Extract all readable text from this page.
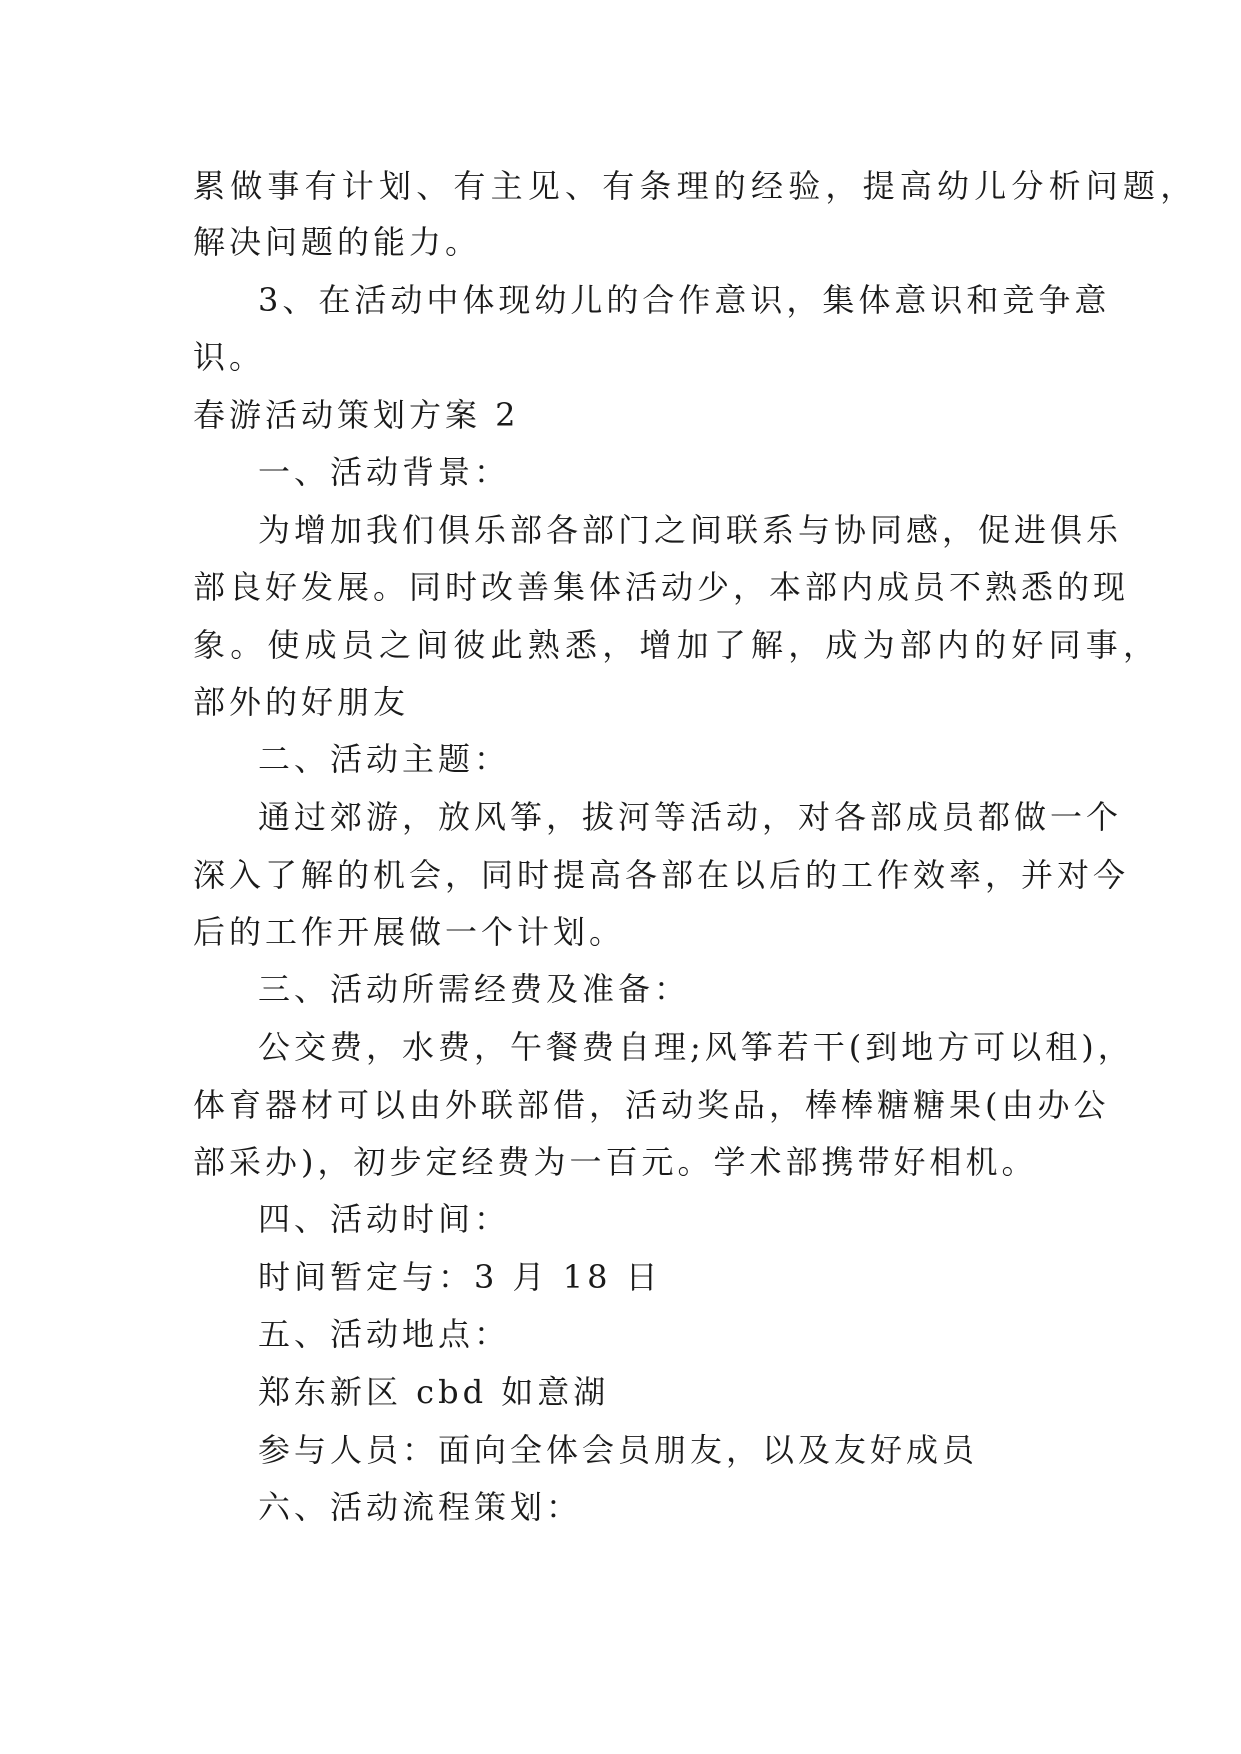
累做事有计划、有主见、有条理的经验，提高幼儿分析问题，
解决问题的能力。
3、在活动中体现幼儿的合作意识，集体意识和竞争意
识。
春游活动策划方案 2
一、活动背景：
为增加我们俱乐部各部门之间联系与协同感，促进俱乐
部良好发展。同时改善集体活动少，本部内成员不熟悉的现
象。使成员之间彼此熟悉，增加了解，成为部内的好同事，
部外的好朋友
二、活动主题：
通过郊游，放风筝，拔河等活动，对各部成员都做一个
深入了解的机会，同时提高各部在以后的工作效率，并对今
后的工作开展做一个计划。
三、活动所需经费及准备：
公交费，水费，午餐费自理;风筝若干(到地方可以租)，
体育器材可以由外联部借，活动奖品，棒棒糖糖果(由办公
部采办)，初步定经费为一百元。学术部携带好相机。
四、活动时间：
时间暂定与：3 月 18 日
五、活动地点：
郑东新区 cbd 如意湖
参与人员：面向全体会员朋友，以及友好成员
六、活动流程策划：
